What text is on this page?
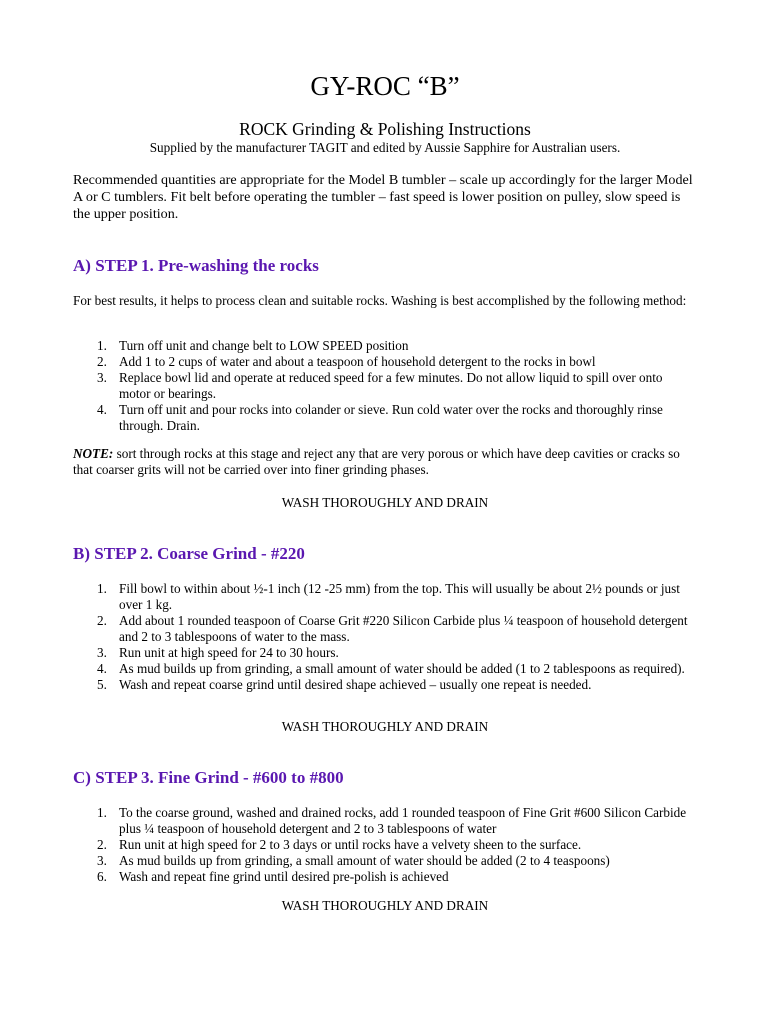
GY-ROC “B”
ROCK Grinding & Polishing Instructions

Supplied by the manufacturer TAGIT and edited by Aussie Sapphire for Australian users.

Recommended quantities are appropriate for the Model B tumbler – scale up accordingly for the larger Model A or C tumblers. Fit belt before operating the tumbler – fast speed is lower position on pulley, slow speed is the upper position.

A) STEP 1. Pre-washing the rocks

For best results, it helps to process clean and suitable rocks. Washing is best accomplished by the following method:

1. Turn off unit and change belt to LOW SPEED position
2. Add 1 to 2 cups of water and about a teaspoon of household detergent to the rocks in bowl
3. Replace bowl lid and operate at reduced speed for a few minutes. Do not allow liquid to spill over onto motor or bearings.
4. Turn off unit and pour rocks into colander or sieve. Run cold water over the rocks and thoroughly rinse through. Drain.

NOTE: sort through rocks at this stage and reject any that are very porous or which have deep cavities or cracks so that coarser grits will not be carried over into finer grinding phases.

WASH THOROUGHLY AND DRAIN

B) STEP 2. Coarse Grind - #220
1. Fill bowl to within about ½-1 inch (12 -25 mm) from the top. This will usually be about 2½ pounds or just over 1 kg.
2. Add about 1 rounded teaspoon of Coarse Grit #220 Silicon Carbide plus ¼ teaspoon of household detergent and 2 to 3 tablespoons of water to the mass.
3. Run unit at high speed for 24 to 30 hours.
4. As mud builds up from grinding, a small amount of water should be added (1 to 2 tablespoons as required).
5. Wash and repeat coarse grind until desired shape achieved – usually one repeat is needed.

WASH THOROUGHLY AND DRAIN

C) STEP 3. Fine Grind - #600 to #800
1. To the coarse ground, washed and drained rocks, add 1 rounded teaspoon of Fine Grit #600 Silicon Carbide plus ¼ teaspoon of household detergent and 2 to 3 tablespoons of water
2. Run unit at high speed for 2 to 3 days or until rocks have a velvety sheen to the surface.
3. As mud builds up from grinding, a small amount of water should be added (2 to 4 teaspoons)
6. Wash and repeat fine grind until desired pre-polish is achieved

WASH THOROUGHLY AND DRAIN
